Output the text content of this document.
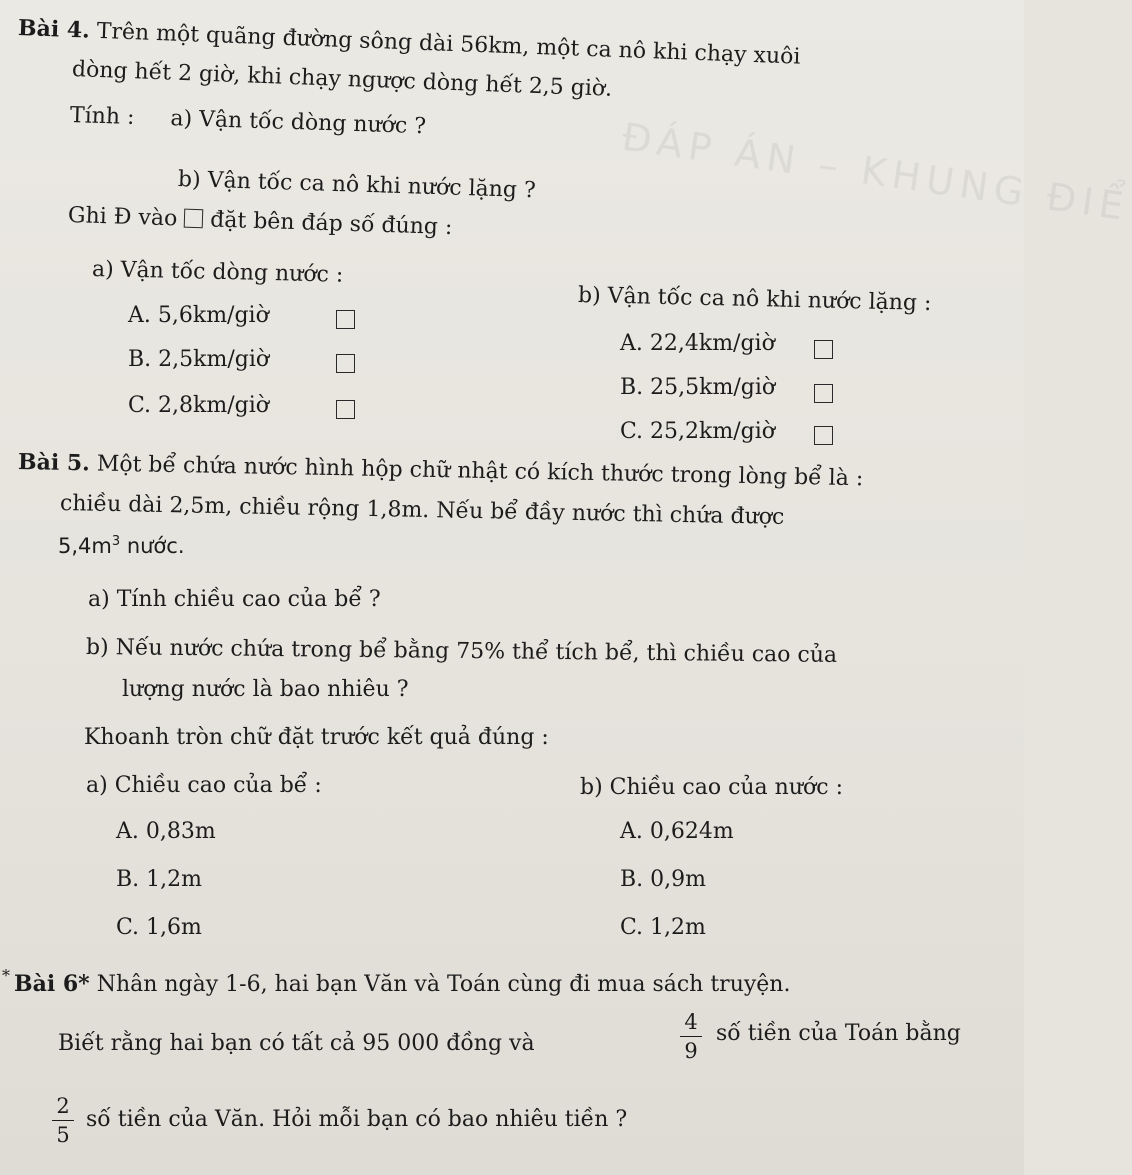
ĐÁP ÁN – KHUNG ĐIỂ
Bài 4. Trên một quãng đường sông dài 56km, một ca nô khi chạy xuôi
dòng hết 2 giờ, khi chạy ngược dòng hết 2,5 giờ.
Tính : a) Vận tốc dòng nước ?
b) Vận tốc ca nô khi nước lặng ?
Ghi Đ vào đặt bên đáp số đúng :
a) Vận tốc dòng nước :
A. 5,6km/giờ
B. 2,5km/giờ
C. 2,8km/giờ
b) Vận tốc ca nô khi nước lặng :
A. 22,4km/giờ
B. 25,5km/giờ
C. 25,2km/giờ
Bài 5. Một bể chứa nước hình hộp chữ nhật có kích thước trong lòng bể là :
chiều dài 2,5m, chiều rộng 1,8m. Nếu bể đầy nước thì chứa được
$5,4m^3$ nước.
a) Tính chiều cao của bể ?
b) Nếu nước chứa trong bể bằng 75% thể tích bể, thì chiều cao của
lượng nước là bao nhiêu ?
Khoanh tròn chữ đặt trước kết quả đúng :
a) Chiều cao của bể :
A. 0,83m
B. 1,2m
C. 1,6m
b) Chiều cao của nước :
A. 0,624m
B. 0,9m
C. 1,2m
* Bài 6* Nhân ngày 1-6, hai bạn Văn và Toán cùng đi mua sách truyện.
Biết rằng hai bạn có tất cả 95 000 đồng và
4
9
số tiền của Toán bằng
2
5
số tiền của Văn. Hỏi mỗi bạn có bao nhiêu tiền ?
